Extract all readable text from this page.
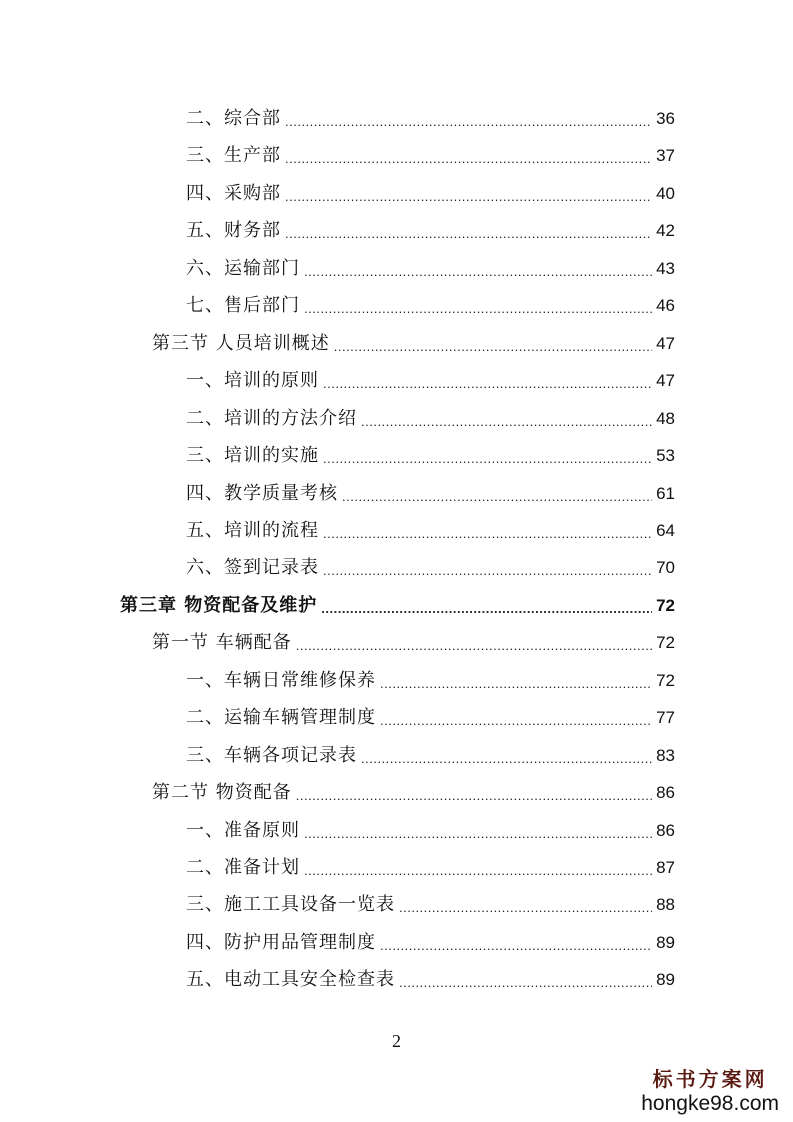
二、综合部 .....	36
三、生产部 .....	37
四、采购部 .....	40
五、财务部 .....	42
六、运输部门 .....	43
七、售后部门 .....	46
第三节 人员培训概述 .....	47
一、培训的原则 .....	47
二、培训的方法介绍 .....	48
三、培训的实施 .....	53
四、教学质量考核 .....	61
五、培训的流程 .....	64
六、签到记录表 .....	70
第三章 物资配备及维护 .....	72
第一节 车辆配备 .....	72
一、车辆日常维修保养 .....	72
二、运输车辆管理制度 .....	77
三、车辆各项记录表 .....	83
第二节 物资配备 .....	86
一、准备原则 .....	86
二、准备计划 .....	87
三、施工工具设备一览表 .....	88
四、防护用品管理制度 .....	89
五、电动工具安全检查表 .....	89
2
标书方案网
hongke98.com
